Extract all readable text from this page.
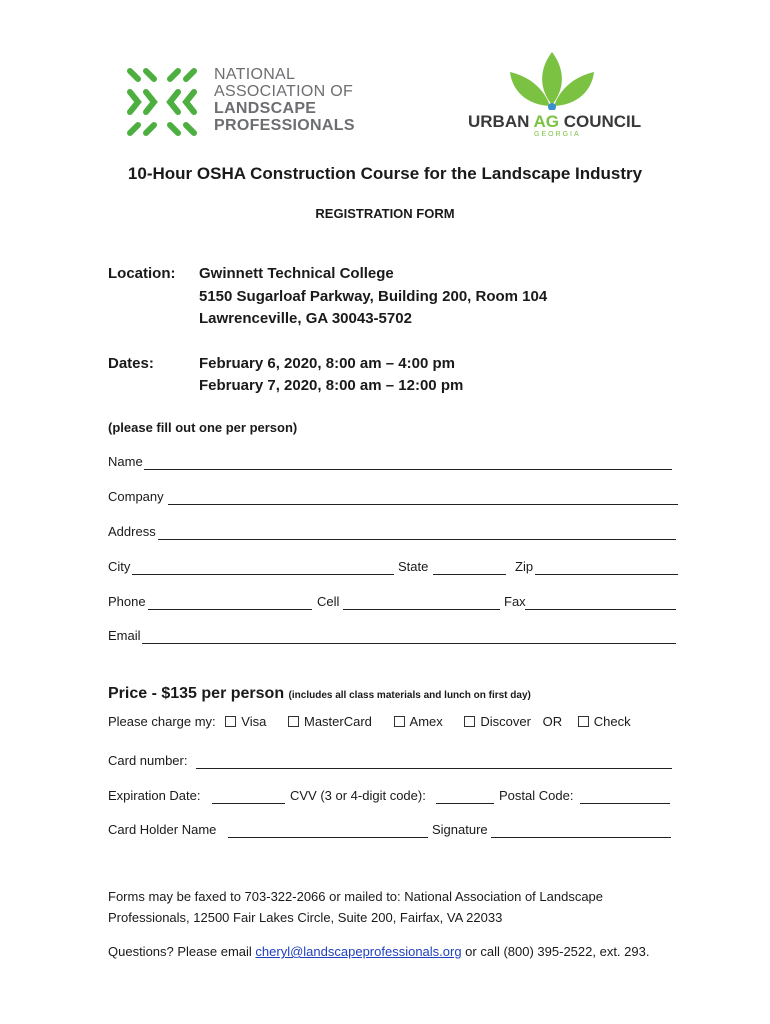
NATIONAL
ASSOCIATION OF
LANDSCAPE
PROFESSIONALS	URBAN AG COUNCIL
GEORGIA
10-Hour OSHA Construction Course for the Landscape Industry
REGISTRATION FORM
Location: Gwinnett Technical College
5150 Sugarloaf Parkway, Building 200, Room 104
Lawrenceville, GA 30043-5702
Dates:	February 6, 2020, 8:00 am – 4:00 pm
February 7, 2020, 8:00 am – 12:00 pm
(please fill out one per person)
Name
Company
Address
City	State	Zip
Phone	Cell	Fax
Email
Price - $135 per person (includes all class materials and lunch on first day)
Please charge my: Visa	MasterCard	Amex	Discover OR Check
Card number:
Expiration Date:	CVV (3 or 4-digit code):	Postal Code:
Card Holder Name	Signature
Forms may be faxed to 703-322-2066 or mailed to: National Association of Landscape
Professionals, 12500 Fair Lakes Circle, Suite 200, Fairfax, VA 22033
Questions? Please email cheryl@landscapeprofessionals.org or call (800) 395-2522, ext. 293.
